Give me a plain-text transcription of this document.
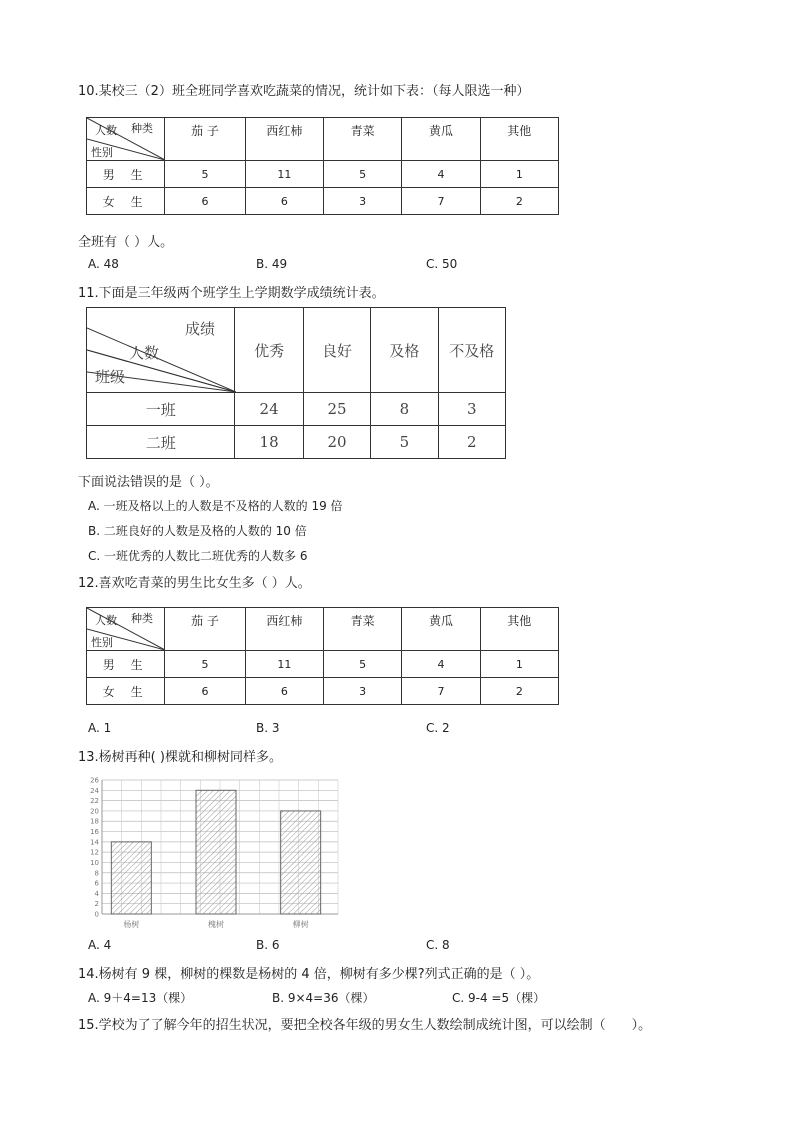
10.某校三（2）班全班同学喜欢吃蔬菜的情况，统计如下表：（每人限选一种）
种类
人数
性别	茄 子	西红柿	青菜	黄瓜	其他
男 生	5	11	5	4	1
女 生	6	6	3	7	2
全班有（ ）人。
A. 48	B. 49	C. 50
11.下面是三年级两个班学生上学期数学成绩统计表。
成绩
人数
班级	优秀	良好	及格	不及格
一班	24	25	8	3
二班	18	20	5	2
下面说法错误的是（ ）。
A. 一班及格以上的人数是不及格的人数的 19 倍
B. 二班良好的人数是及格的人数的 10 倍
C. 一班优秀的人数比二班优秀的人数多 6
12.喜欢吃青菜的男生比女生多（ ）人。
种类
人数
性别	茄 子	西红柿	青菜	黄瓜	其他
男 生	5	11	5	4	1
女 生	6	6	3	7	2
A. 1	B. 3	C. 2
13.杨树再种( )棵就和柳树同样多。
0
2
4
6
8
10
12
14
16
18
20
22
24
26
杨树	槐树	柳树
A. 4	B. 6	C. 8
14.杨树有 9 棵，柳树的棵数是杨树的 4 倍，柳树有多少棵?列式正确的是（ ）。
A. 9＋4=13（棵）	B. 9×4=36（棵）	C. 9-4 =5（棵）
15.学校为了了解今年的招生状况，要把全校各年级的男女生人数绘制成统计图，可以绘制（　　）。
